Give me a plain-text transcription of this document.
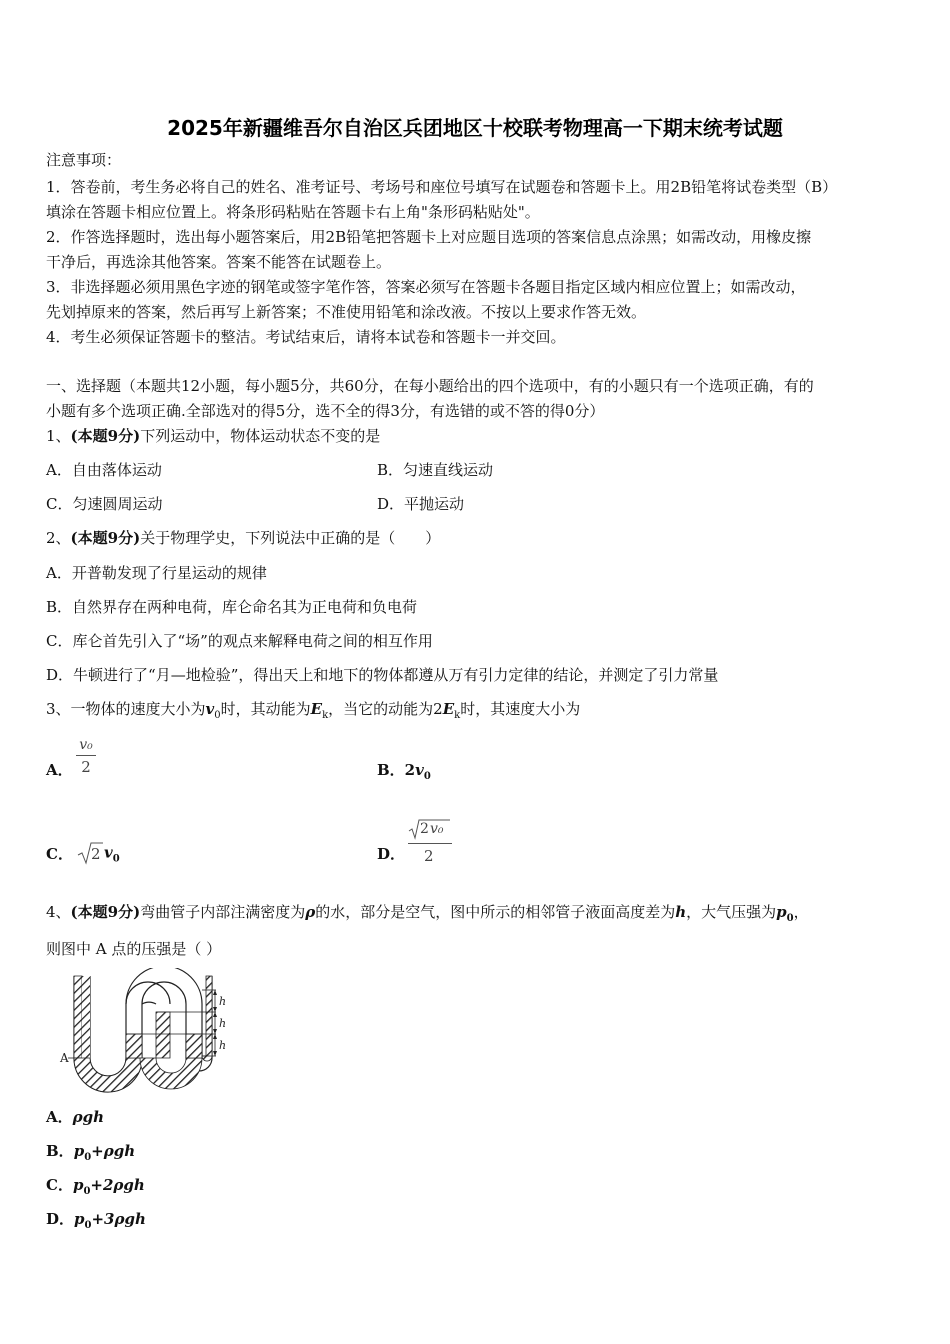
2025年新疆维吾尔自治区兵团地区十校联考物理高一下期末统考试题
注意事项：
1．答卷前，考生务必将自己的姓名、准考证号、考场号和座位号填写在试题卷和答题卡上。用2B铅笔将试卷类型（B）
填涂在答题卡相应位置上。将条形码粘贴在答题卡右上角"条形码粘贴处"。
2．作答选择题时，选出每小题答案后，用2B铅笔把答题卡上对应题目选项的答案信息点涂黑；如需改动，用橡皮擦
干净后，再选涂其他答案。答案不能答在试题卷上。
3．非选择题必须用黑色字迹的钢笔或签字笔作答，答案必须写在答题卡各题目指定区域内相应位置上；如需改动，
先划掉原来的答案，然后再写上新答案；不准使用铅笔和涂改液。不按以上要求作答无效。
4．考生必须保证答题卡的整洁。考试结束后，请将本试卷和答题卡一并交回。
一、选择题（本题共12小题，每小题5分，共60分，在每小题给出的四个选项中，有的小题只有一个选项正确，有的
小题有多个选项正确.全部选对的得5分，选不全的得3分，有选错的或不答的得0分）
1、(本题9分)下列运动中，物体运动状态不变的是
A．自由落体运动	B．匀速直线运动
C．匀速圆周运动	D．平抛运动
2、(本题9分)关于物理学史，下列说法中正确的是（　　）
A．开普勒发现了行星运动的规律
B．自然界存在两种电荷，库仑命名其为正电荷和负电荷
C．库仑首先引入了“场”的观点来解释电荷之间的相互作用
D．牛顿进行了“月—地检验”，得出天上和地下的物体都遵从万有引力定律的结论，并测定了引力常量
3、一物体的速度大小为$v_0$时，其动能为$E_k$，当它的动能为$2E_k$时，其速度大小为
A．
v₀
2	B．$2v_0$
C． 2 $v_0$	D．
2 v₀
2
4、(本题9分)弯曲管子内部注满密度为ρ的水，部分是空气，图中所示的相邻管子液面高度差为h，大气压强为$p_0$，
则图中 A 点的压强是（ ）
h
h
h
A
A．ρgh
B．$p_0+\rho gh$
C．$p_0+2\rho gh$
D．$p_0+3\rho gh$
